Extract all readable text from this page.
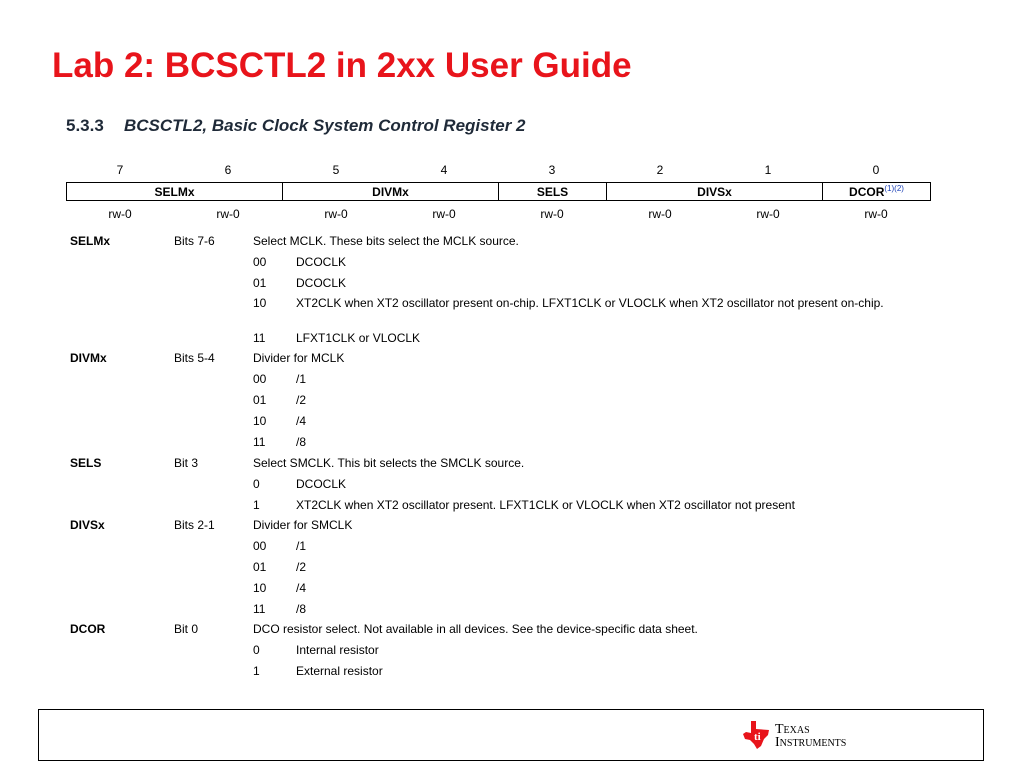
Lab 2: BCSCTL2 in 2xx User Guide
5.3.3 BCSCTL2, Basic Clock System Control Register 2
7	6	5	4	3	2	1	0
SELMx	DIVMx	SELS	DIVSx	$DCOR^{(1)(2)}$
rw-0	rw-0	rw-0	rw-0	rw-0	rw-0	rw-0	rw-0
SELMx	Bits 7-6	Select MCLK. These bits select the MCLK source.
00 DCOCLK
01 DCOCLK
10 XT2CLK when XT2 oscillator present on-chip. LFXT1CLK or VLOCLK when XT2 oscillator not present on-chip.
11	LFXT1CLK or VLOCLK
DIVMx	Bits 5-4	Divider for MCLK
00 /1
01 /2
10 /4
11	/8
SELS	Bit 3	Select SMCLK. This bit selects the SMCLK source.
0	DCOCLK
1	XT2CLK when XT2 oscillator present. LFXT1CLK or VLOCLK when XT2 oscillator not present
DIVSx	Bits 2-1	Divider for SMCLK
00 /1
01 /2
10 /4
11	/8
DCOR	Bit 0	DCO resistor select. Not available in all devices. See the device-specific data sheet.
0	Internal resistor
1	External resistor
ti Texas
Instruments
